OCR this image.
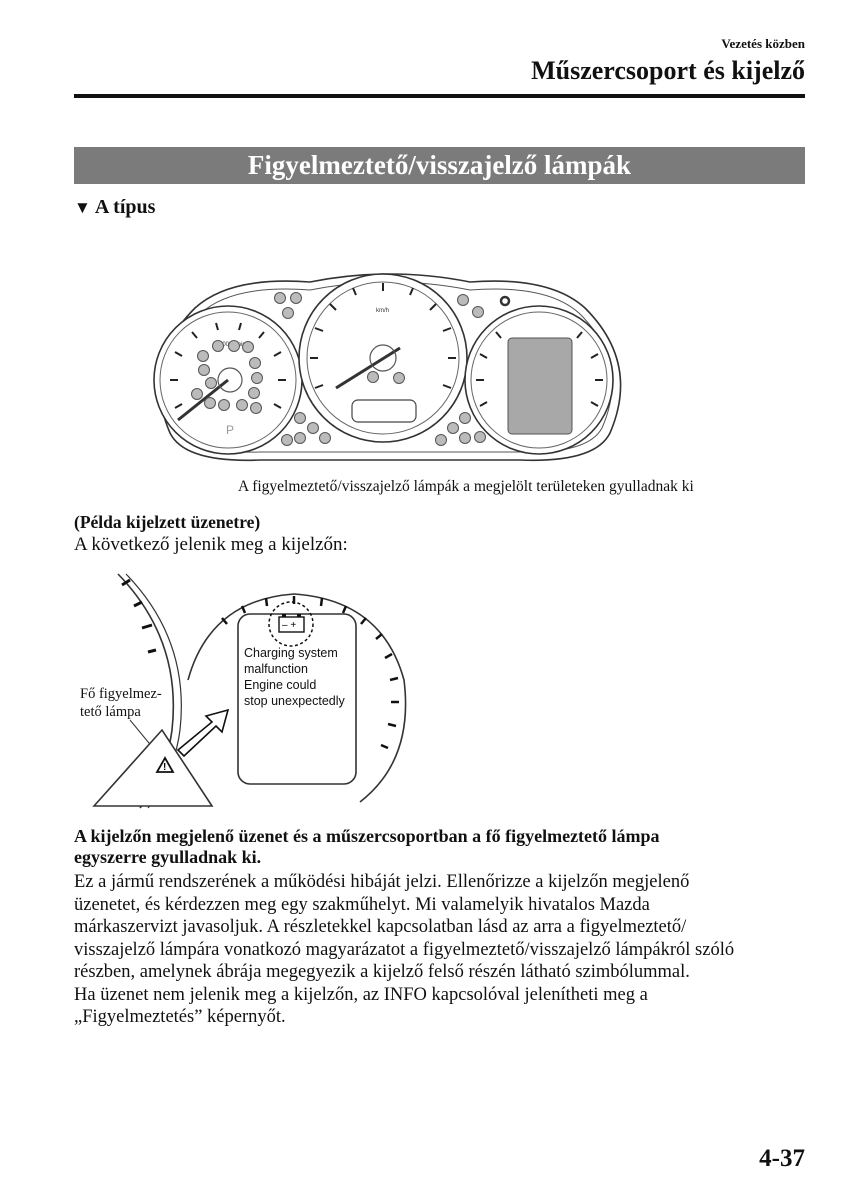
Vezetés közben
Műszercsoport és kijelző
Figyelmeztető/visszajelző lámpák
▼ A típus
P
km/h
A figyelmeztető/visszajelző lámpák a megjelölt területeken gyulladnak ki
(Példa kijelzett üzenetre)
A következő jelenik meg a kijelzőn:
Fő figyelmez- tető lámpa
!
– +
Charging system malfunction Engine could stop unexpectedly
A kijelzőn megjelenő üzenet és a műszercsoportban a fő figyelmeztető lámpa
egyszerre gyulladnak ki.

Ez a jármű rendszerének a működési hibáját jelzi. Ellenőrizze a kijelzőn megjelenő

üzenetet, és kérdezzen meg egy szakműhelyt. Mi valamelyik hivatalos Mazda

márkaszervizt javasoljuk. A részletekkel kapcsolatban lásd az arra a figyelmeztető/

visszajelző lámpára vonatkozó magyarázatot a figyelmeztető/visszajelző lámpákról szóló

részben, amelynek ábrája megegyezik a kijelző felső részén látható szimbólummal.

Ha üzenet nem jelenik meg a kijelzőn, az INFO kapcsolóval jelenítheti meg a

„Figyelmeztetés” képernyőt.

4-37
